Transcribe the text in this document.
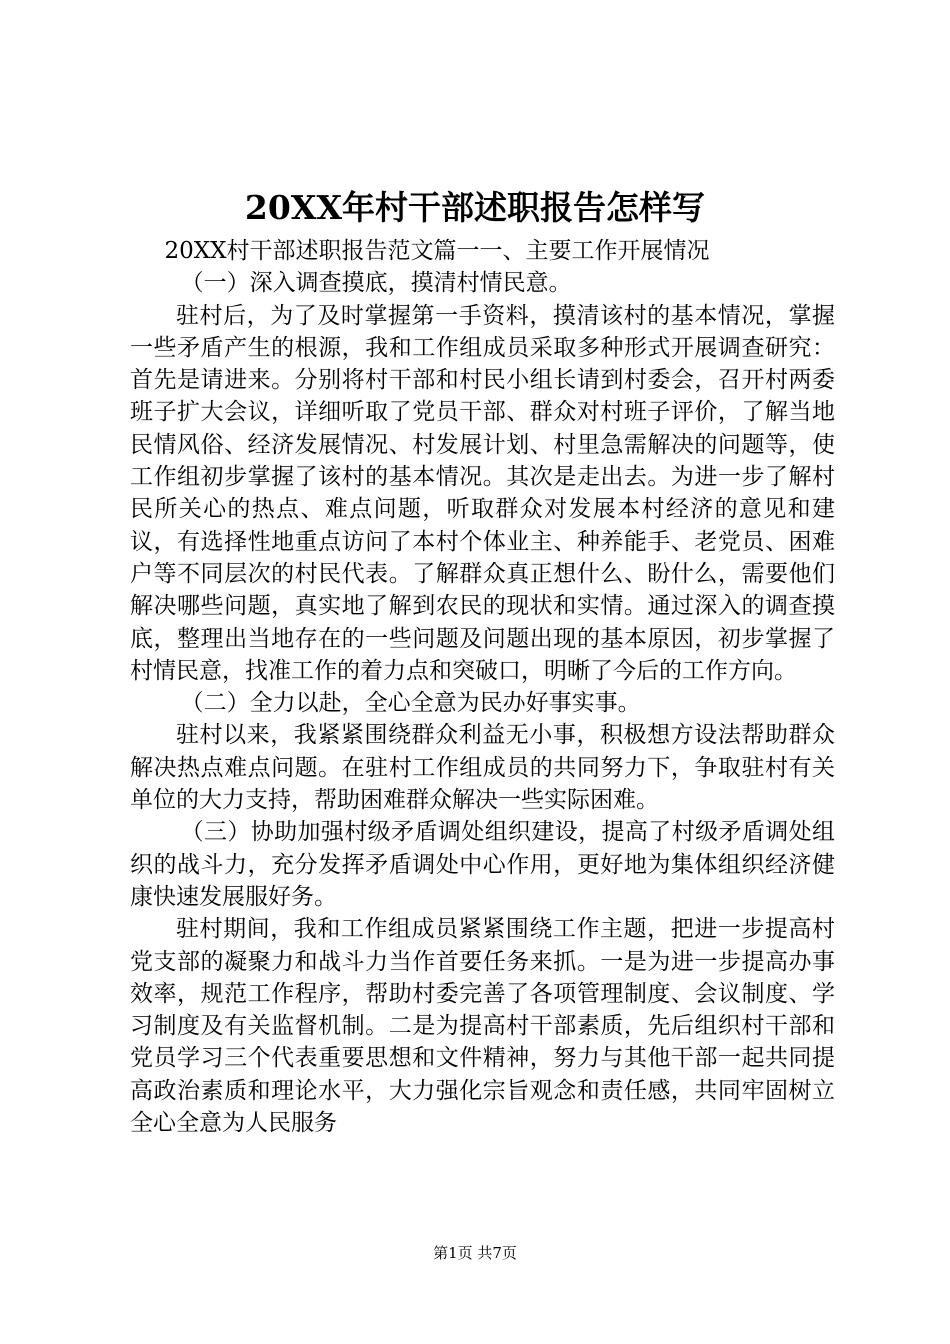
20XX年村干部述职报告怎样写

20XX村干部述职报告范文篇一一、主要工作开展情况

（一）深入调查摸底，摸清村情民意。

驻村后，为了及时掌握第一手资料，摸清该村的基本情况，掌握一些矛盾产生的根源，我和工作组成员采取多种形式开展调查研究：首先是请进来。分别将村干部和村民小组长请到村委会，召开村两委班子扩大会议，详细听取了党员干部、群众对村班子评价，了解当地民情风俗、经济发展情况、村发展计划、村里急需解决的问题等，使工作组初步掌握了该村的基本情况。其次是走出去。为进一步了解村民所关心的热点、难点问题，听取群众对发展本村经济的意见和建议，有选择性地重点访问了本村个体业主、种养能手、老党员、困难户等不同层次的村民代表。了解群众真正想什么、盼什么，需要他们解决哪些问题，真实地了解到农民的现状和实情。通过深入的调查摸底，整理出当地存在的一些问题及问题出现的基本原因，初步掌握了村情民意，找准工作的着力点和突破口，明晰了今后的工作方向。

（二）全力以赴，全心全意为民办好事实事。

驻村以来，我紧紧围绕群众利益无小事，积极想方设法帮助群众解决热点难点问题。在驻村工作组成员的共同努力下，争取驻村有关单位的大力支持，帮助困难群众解决一些实际困难。

（三）协助加强村级矛盾调处组织建设，提高了村级矛盾调处组织的战斗力，充分发挥矛盾调处中心作用，更好地为集体组织经济健康快速发展服好务。

驻村期间，我和工作组成员紧紧围绕工作主题，把进一步提高村党支部的凝聚力和战斗力当作首要任务来抓。一是为进一步提高办事效率，规范工作程序，帮助村委完善了各项管理制度、会议制度、学习制度及有关监督机制。二是为提高村干部素质，先后组织村干部和党员学习三个代表重要思想和文件精神，努力与其他干部一起共同提高政治素质和理论水平，大力强化宗旨观念和责任感，共同牢固树立全心全意为人民服务

第1页 共7页
